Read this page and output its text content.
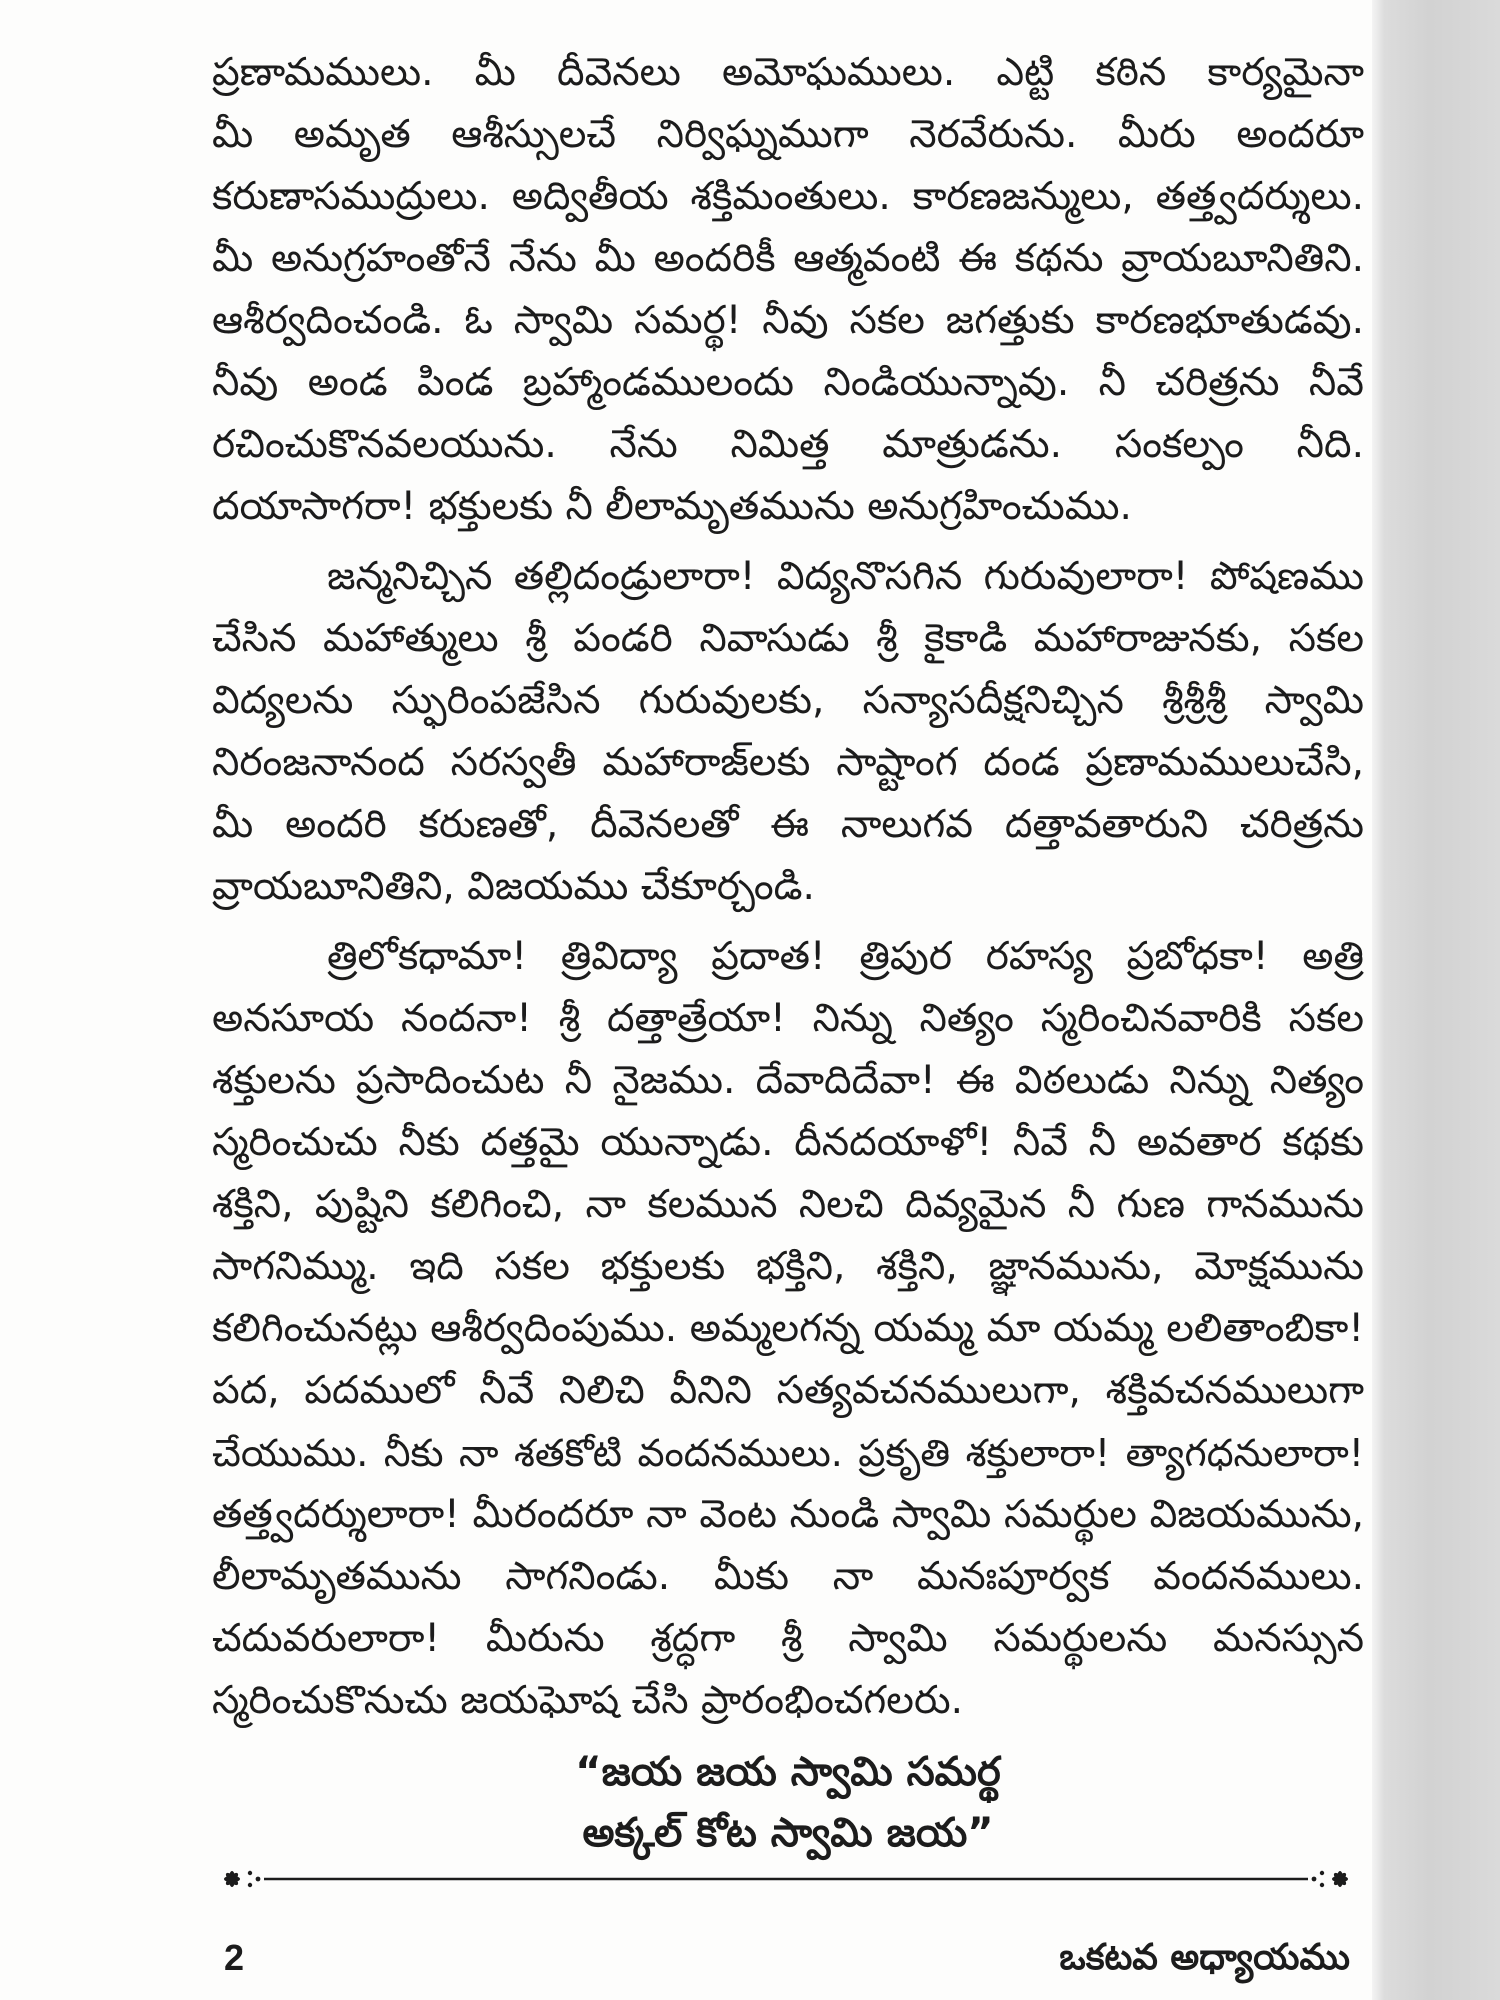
ప్రణామములు. మీ దీవెనలు అమోఘములు. ఎట్టి కఠిన కార్యమైనా
మీ అమృత ఆశీస్సులచే నిర్విఘ్నముగా నెరవేరును. మీరు అందరూ
కరుణాసముద్రులు. అద్వితీయ శక్తిమంతులు. కారణజన్ములు, తత్త్వదర్శులు.
మీ అనుగ్రహంతోనే నేను మీ అందరికీ ఆత్మవంటి ఈ కథను వ్రాయబూనితిని.
ఆశీర్వదించండి. ఓ స్వామి సమర్థ! నీవు సకల జగత్తుకు కారణభూతుడవు.
నీవు అండ పిండ బ్రహ్మాండములందు నిండియున్నావు. నీ చరిత్రను నీవే
రచించుకొనవలయును. నేను నిమిత్త మాత్రుడను. సంకల్పం నీది.
దయాసాగరా! భక్తులకు నీ లీలామృతమును అనుగ్రహించుము.
జన్మనిచ్చిన తల్లిదండ్రులారా! విద్యనొసగిన గురువులారా! పోషణము
చేసిన మహాత్ములు శ్రీ పండరి నివాసుడు శ్రీ కైకాడి మహారాజునకు, సకల
విద్యలను స్ఫురింపజేసిన గురువులకు, సన్యాసదీక్షనిచ్చిన శ్రీశ్రీశ్రీ స్వామి
నిరంజనానంద సరస్వతీ మహారాజ్‌లకు సాష్టాంగ దండ ప్రణామములుచేసి,
మీ అందరి కరుణతో, దీవెనలతో ఈ నాలుగవ దత్తావతారుని చరిత్రను
వ్రాయబూనితిని, విజయము చేకూర్చండి.
త్రిలోకధామా! త్రివిద్యా ప్రదాత! త్రిపుర రహస్య ప్రబోధకా! అత్రి
అనసూయ నందనా! శ్రీ దత్తాత్రేయా! నిన్ను నిత్యం స్మరించినవారికి సకల
శక్తులను ప్రసాదించుట నీ నైజము. దేవాదిదేవా! ఈ విఠలుడు నిన్ను నిత్యం
స్మరించుచు నీకు దత్తమై యున్నాడు. దీనదయాళో! నీవే నీ అవతార కథకు
శక్తిని, పుష్టిని కలిగించి, నా కలమున నిలచి దివ్యమైన నీ గుణ గానమును
సాగనిమ్ము. ఇది సకల భక్తులకు భక్తిని, శక్తిని, జ్ఞానమును, మోక్షమును
కలిగించునట్లు ఆశీర్వదింపుము. అమ్మలగన్న యమ్మ మా యమ్మ లలితాంబికా!
పద, పదములో నీవే నిలిచి వీనిని సత్యవచనములుగా, శక్తివచనములుగా
చేయుము. నీకు నా శతకోటి వందనములు. ప్రకృతి శక్తులారా! త్యాగధనులారా!
తత్త్వదర్శులారా! మీరందరూ నా వెంట నుండి స్వామి సమర్థుల విజయమును,
లీలామృతమును సాగనిండు. మీకు నా మనఃపూర్వక వందనములు.
చదువరులారా! మీరును శ్రద్ధగా శ్రీ స్వామి సమర్థులను మనస్సున
స్మరించుకొనుచు జయఘోష చేసి ప్రారంభించగలరు.
“జయ జయ స్వామి సమర్థ
అక్కల్ కోట స్వామి జయ”
2	ఒకటవ అధ్యాయము
